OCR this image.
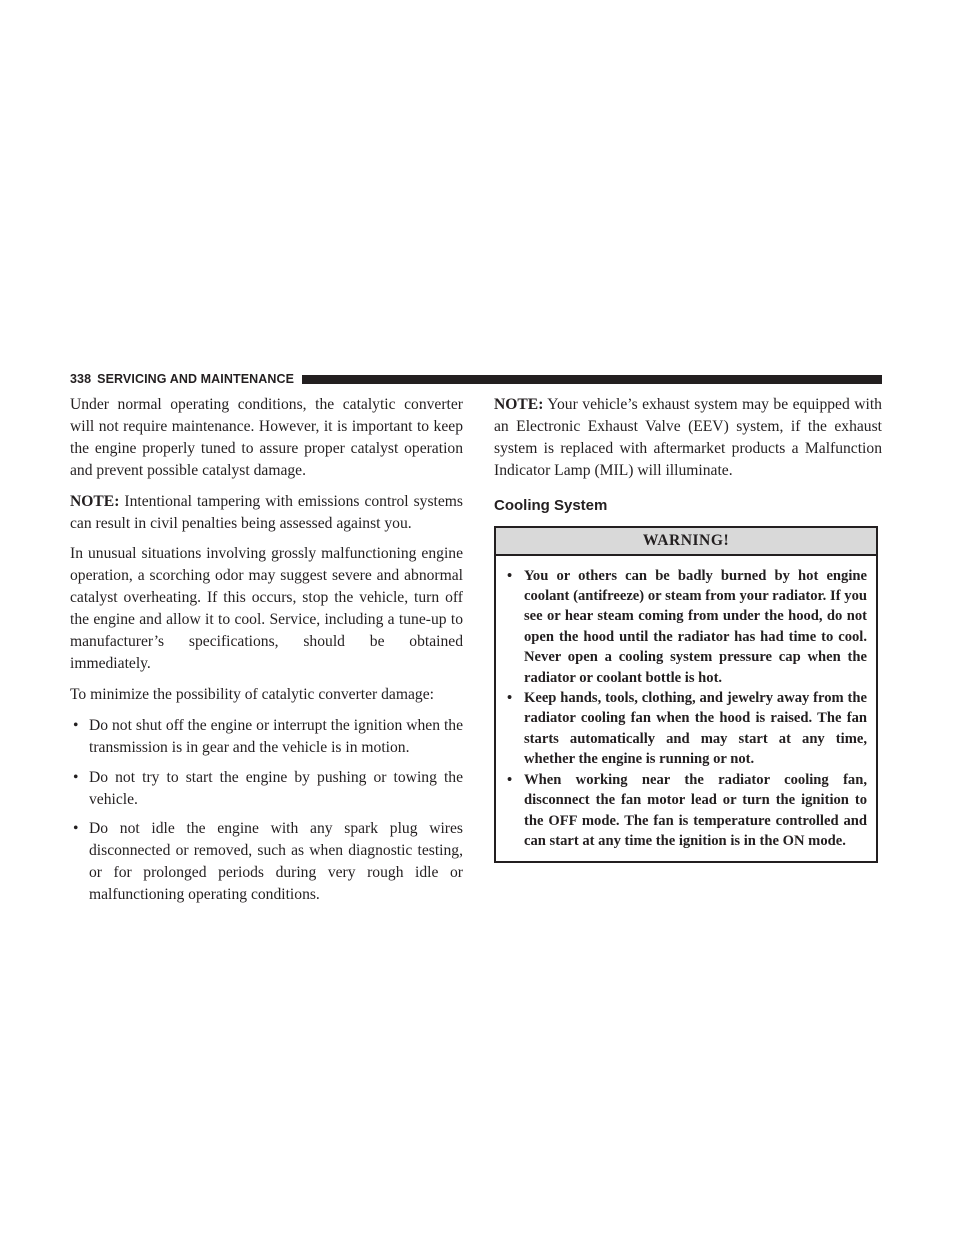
338 SERVICING AND MAINTENANCE

Under normal operating conditions, the catalytic converter will not require maintenance. However, it is important to keep the engine properly tuned to assure proper catalyst operation and prevent possible catalyst damage.

NOTE: Intentional tampering with emissions control systems can result in civil penalties being assessed against you.

In unusual situations involving grossly malfunctioning engine operation, a scorching odor may suggest severe and abnormal catalyst overheating. If this occurs, stop the vehicle, turn off the engine and allow it to cool. Service, including a tune-up to manufacturer’s specifications, should be obtained immediately.

To minimize the possibility of catalytic converter damage:

• Do not shut off the engine or interrupt the ignition when the transmission is in gear and the vehicle is in motion.
• Do not try to start the engine by pushing or towing the vehicle.
• Do not idle the engine with any spark plug wires disconnected or removed, such as when diagnostic testing, or for prolonged periods during very rough idle or malfunctioning operating conditions.

NOTE: Your vehicle’s exhaust system may be equipped with an Electronic Exhaust Valve (EEV) system, if the exhaust system is replaced with aftermarket products a Malfunction Indicator Lamp (MIL) will illuminate.

Cooling System
WARNING!
• You or others can be badly burned by hot engine coolant (antifreeze) or steam from your radiator. If you see or hear steam coming from under the hood, do not open the hood until the radiator has had time to cool. Never open a cooling system pressure cap when the radiator or coolant bottle is hot.
• Keep hands, tools, clothing, and jewelry away from the radiator cooling fan when the hood is raised. The fan starts automatically and may start at any time, whether the engine is running or not.
• When working near the radiator cooling fan, disconnect the fan motor lead or turn the ignition to the OFF mode. The fan is temperature controlled and can start at any time the ignition is in the ON mode.
